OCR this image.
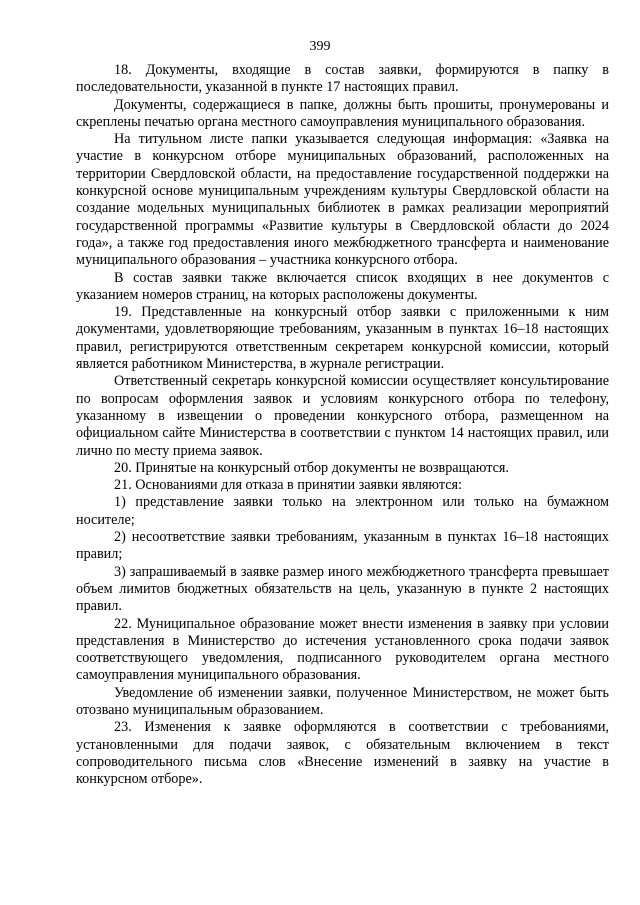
399

18. Документы, входящие в состав заявки, формируются в папку в последовательности, указанной в пункте 17 настоящих правил.

Документы, содержащиеся в папке, должны быть прошиты, пронумерованы и скреплены печатью органа местного самоуправления муниципального образования.

На титульном листе папки указывается следующая информация: «Заявка на участие в конкурсном отборе муниципальных образований, расположенных на территории Свердловской области, на предоставление государственной поддержки на конкурсной основе муниципальным учреждениям культуры Свердловской области на создание модельных муниципальных библиотек в рамках реализации мероприятий государственной программы «Развитие культуры в Свердловской области до 2024 года», а также год предоставления иного межбюджетного трансферта и наименование муниципального образования – участника конкурсного отбора.

В состав заявки также включается список входящих в нее документов с указанием номеров страниц, на которых расположены документы.

19. Представленные на конкурсный отбор заявки с приложенными к ним документами, удовлетворяющие требованиям, указанным в пунктах 16–18 настоящих правил, регистрируются ответственным секретарем конкурсной комиссии, который является работником Министерства, в журнале регистрации.

Ответственный секретарь конкурсной комиссии осуществляет консультирование по вопросам оформления заявок и условиям конкурсного отбора по телефону, указанному в извещении о проведении конкурсного отбора, размещенном на официальном сайте Министерства в соответствии с пунктом 14 настоящих правил, или лично по месту приема заявок.

20. Принятые на конкурсный отбор документы не возвращаются.

21. Основаниями для отказа в принятии заявки являются:

1) представление заявки только на электронном или только на бумажном носителе;

2) несоответствие заявки требованиям, указанным в пунктах 16–18 настоящих правил;

3) запрашиваемый в заявке размер иного межбюджетного трансферта превышает объем лимитов бюджетных обязательств на цель, указанную в пункте 2 настоящих правил.

22. Муниципальное образование может внести изменения в заявку при условии представления в Министерство до истечения установленного срока подачи заявок соответствующего уведомления, подписанного руководителем органа местного самоуправления муниципального образования.

Уведомление об изменении заявки, полученное Министерством, не может быть отозвано муниципальным образованием.

23. Изменения к заявке оформляются в соответствии с требованиями, установленными для подачи заявок, с обязательным включением в текст сопроводительного письма слов «Внесение изменений в заявку на участие в конкурсном отборе».
